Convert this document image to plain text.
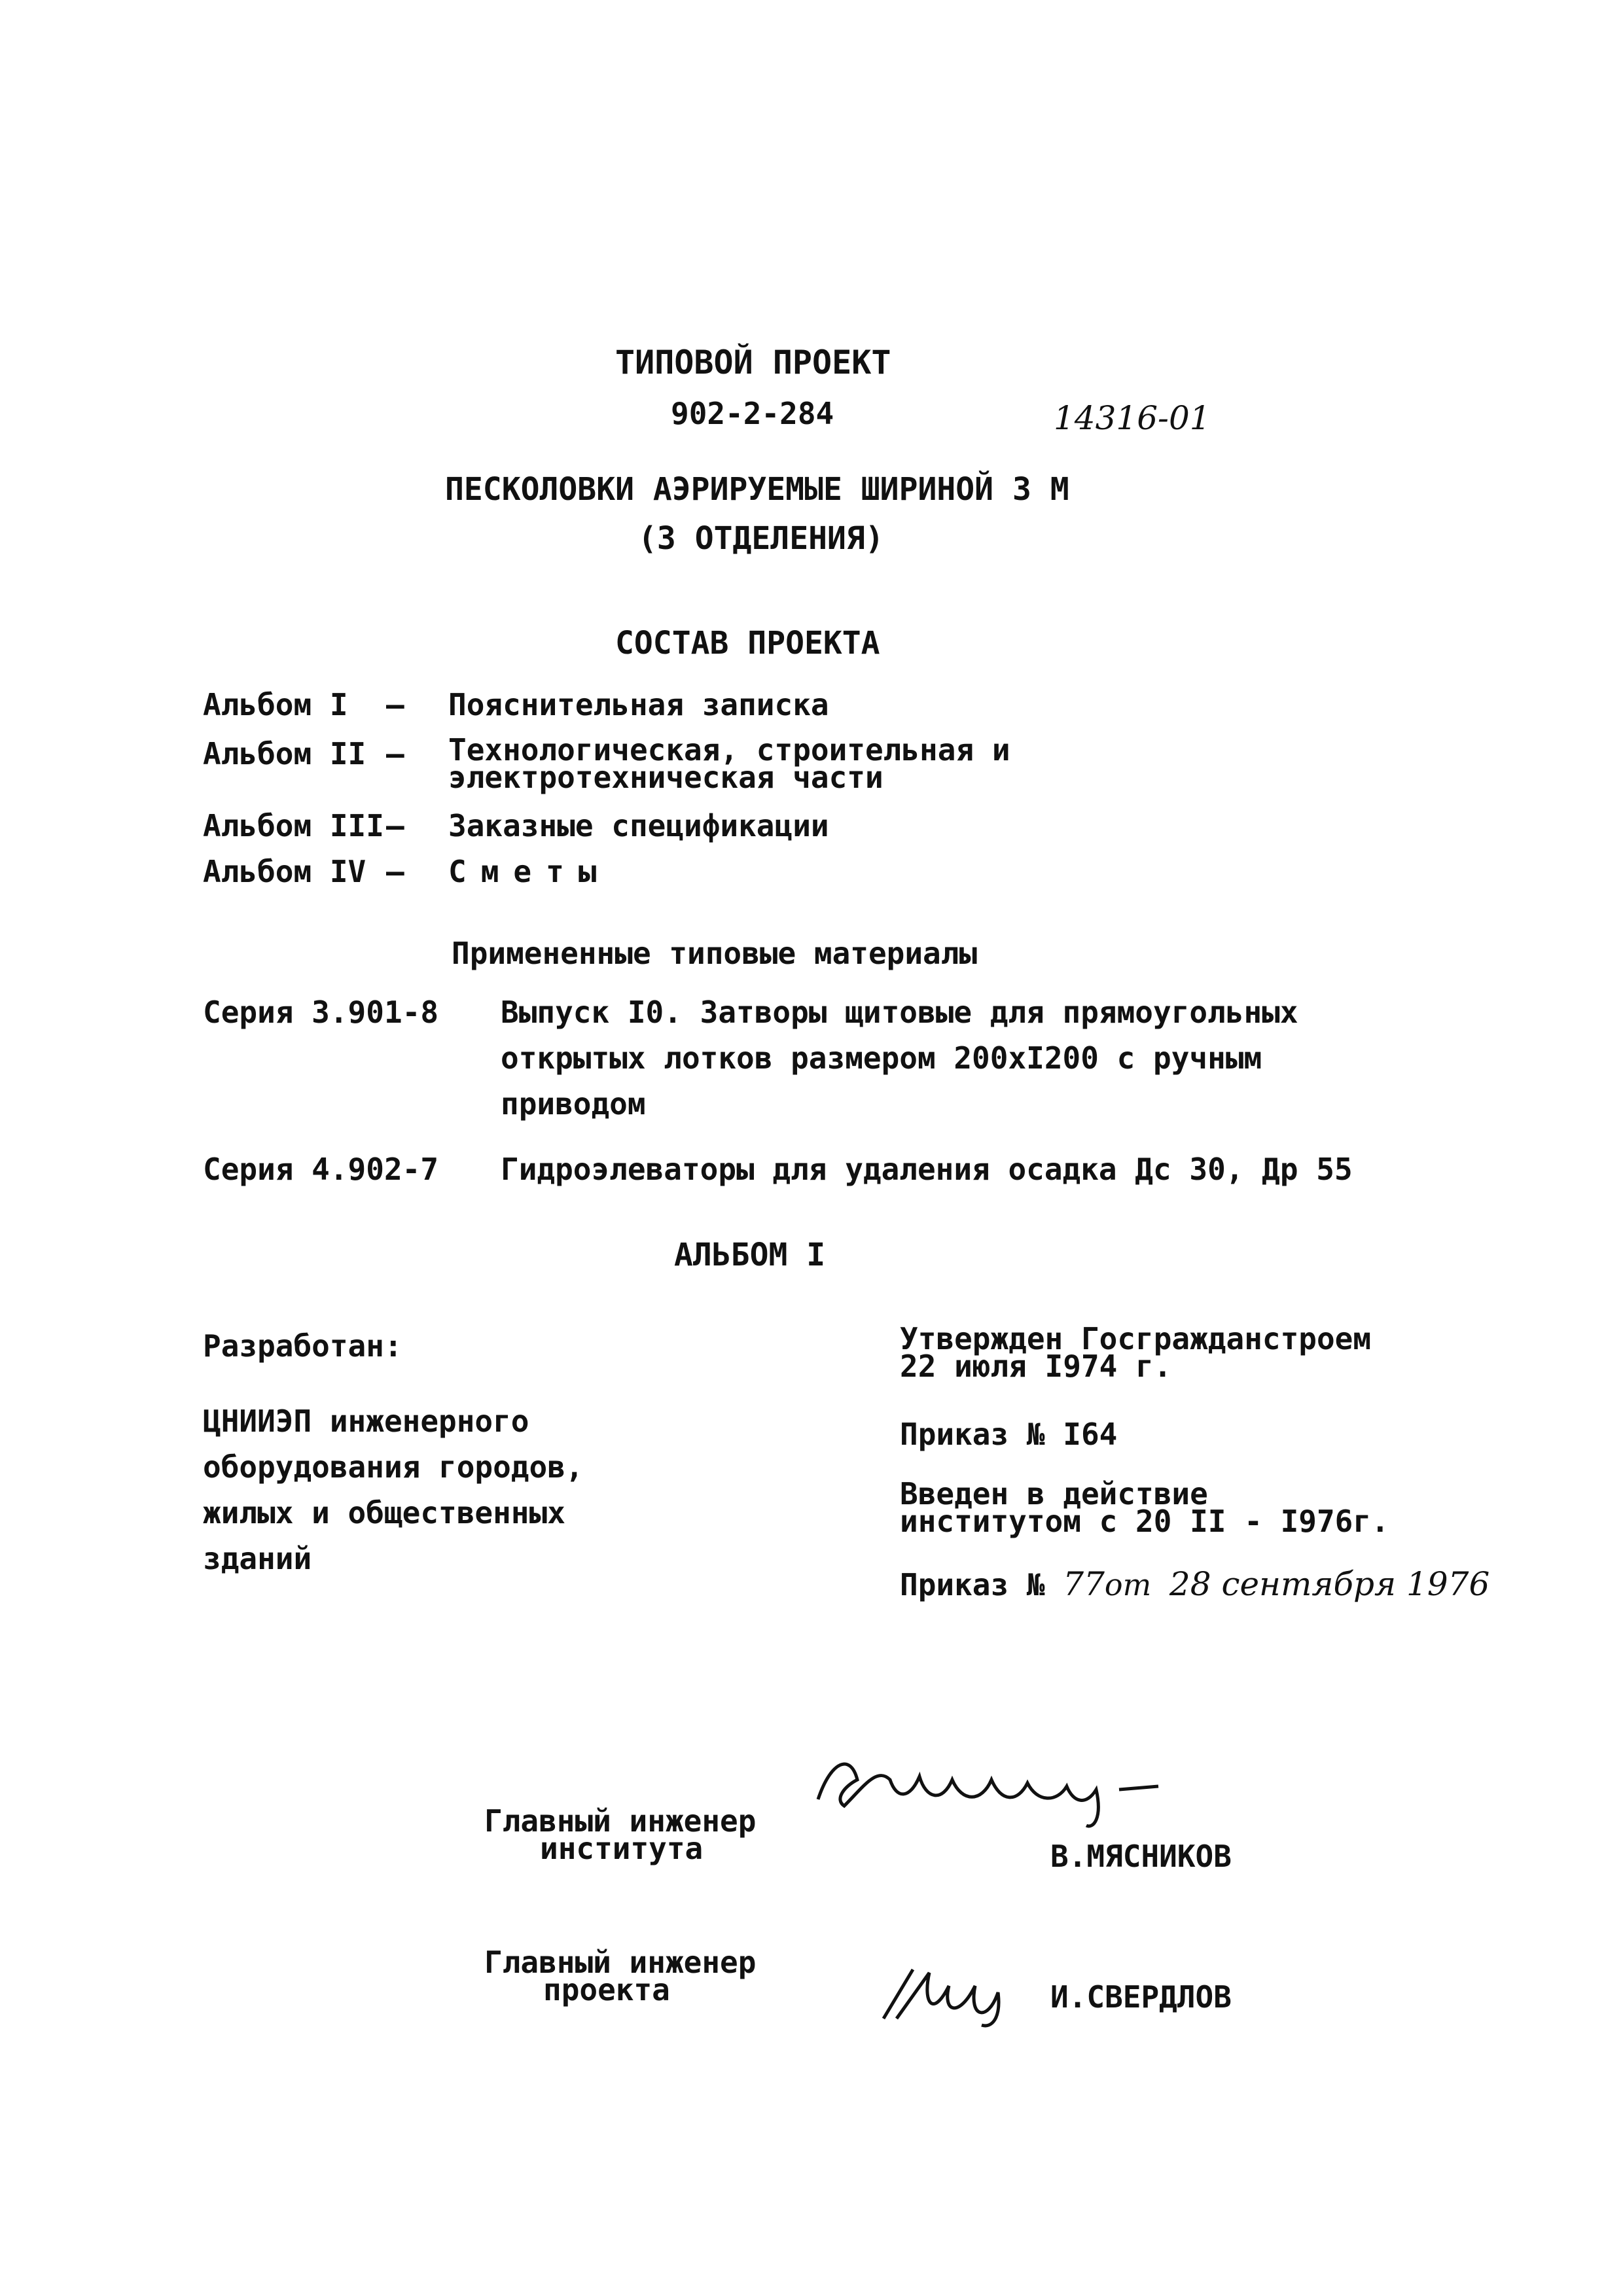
ТИПОВОЙ ПРОЕКТ
902-2-284	14316-01
ПЕСКОЛОВКИ АЭРИРУЕМЫЕ ШИРИНОЙ 3 М
(3 ОТДЕЛЕНИЯ)
СОСТАВ ПРОЕКТА
Альбом I – Пояснительная записка
Альбом II – Технологическая, строительная и
электротехническая части
Альбом III – Заказные спецификации
Альбом IV – Сметы
Примененные типовые материалы
Серия 3.901-8 Выпуск I0. Затворы щитовые для прямоугольных
открытых лотков размером 200хI200 с ручным
приводом
Серия 4.902-7 Гидроэлеваторы для удаления осадка Дс 30, Др 55
АЛЬБОМ I
Разработан:
ЦНИИЭП инженерного
оборудования городов,
жилых и общественных
зданий
Утвержден Госгражданстроем
22 июля I974 г.
Приказ № I64
Введен в действие
институтом с 20 II - I976г.
Приказ № 77от 28 сентября 1976
Главный инженер
института	В.МЯСНИКОВ
Главный инженер
проекта	И.СВЕРДЛОВ
